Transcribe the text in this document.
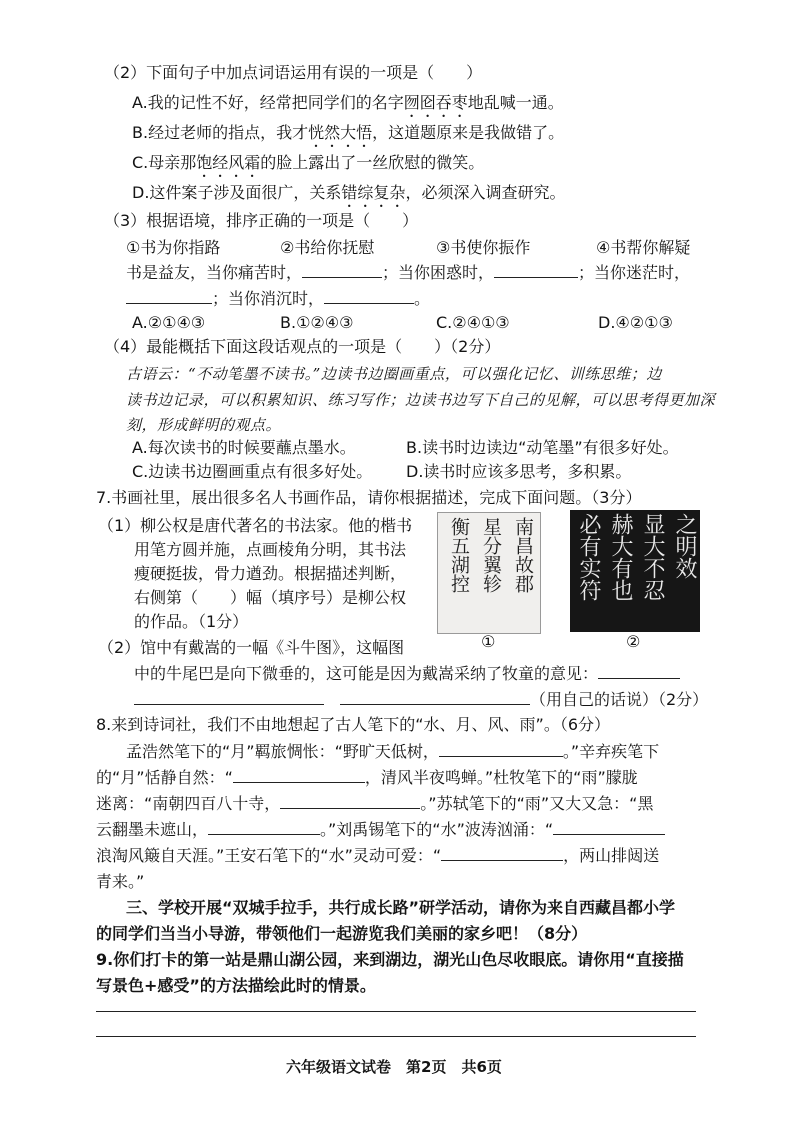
（2）下面句子中加点词语运用有误的一项是（　　）
A.我的记性不好，经常把同学们的名字囫囵吞枣地乱喊一通。
B.经过老师的指点，我才恍然大悟，这道题原来是我做错了。
C.母亲那饱经风霜的脸上露出了一丝欣慰的微笑。
D.这件案子涉及面很广，关系错综复杂，必须深入调查研究。
（3）根据语境，排序正确的一项是（　　）
①书为你指路	②书给你抚慰	③书使你振作	④书帮你解疑
书是益友，当你痛苦时，	；当你困惑时，	；当你迷茫时，
；当你消沉时，	。
A.②①④③	B.①②④③	C.②④①③	D.④②①③
（4）最能概括下面这段话观点的一项是（　　）（2分）
古语云：“不动笔墨不读书。”边读书边圈画重点，可以强化记忆、训练思维；边
读书边记录，可以积累知识、练习写作；边读书边写下自己的见解，可以思考得更加深
刻，形成鲜明的观点。
A.每次读书的时候要蘸点墨水。	B.读书时边读边“动笔墨”有很多好处。
C.边读书边圈画重点有很多好处。 D.读书时应该多思考，多积累。
7.书画社里，展出很多名人书画作品，请你根据描述，完成下面问题。（3分）
（1）柳公权是唐代著名的书法家。他的楷书
用笔方圆并施，点画棱角分明，其书法
瘦硬挺拔，骨力遒劲。根据描述判断，
右侧第（　　）幅（填序号）是柳公权
的作品。（1分）
南昌故郡
星分翼轸
衡五湖控
①
之明效
显大不忍
赫大有也
必有实符
②
（2）馆中有戴嵩的一幅《斗牛图》，这幅图
中的牛尾巴是向下微垂的，这可能是因为戴嵩采纳了牧童的意见：
（用自己的话说）（2分）
8.来到诗词社，我们不由地想起了古人笔下的“水、月、风、雨”。（6分）
孟浩然笔下的“月”羁旅惆怅：“野旷天低树，	。”辛弃疾笔下
的“月”恬静自然：“	，清风半夜鸣蝉。”杜牧笔下的“雨”朦胧
迷离：“南朝四百八十寺，	。”苏轼笔下的“雨”又大又急：“黑
云翻墨未遮山，	。”刘禹锡笔下的“水”波涛汹涌：“
浪淘风簸自天涯。”王安石笔下的“水”灵动可爱：“	，两山排闼送
青来。”
三、学校开展“双城手拉手，共行成长路”研学活动，请你为来自西藏昌都小学
的同学们当当小导游，带领他们一起游览我们美丽的家乡吧！（8分）
9.你们打卡的第一站是鼎山湖公园，来到湖边，湖光山色尽收眼底。请你用“直接描
写景色+感受”的方法描绘此时的情景。
六年级语文试卷　第2页　共6页
